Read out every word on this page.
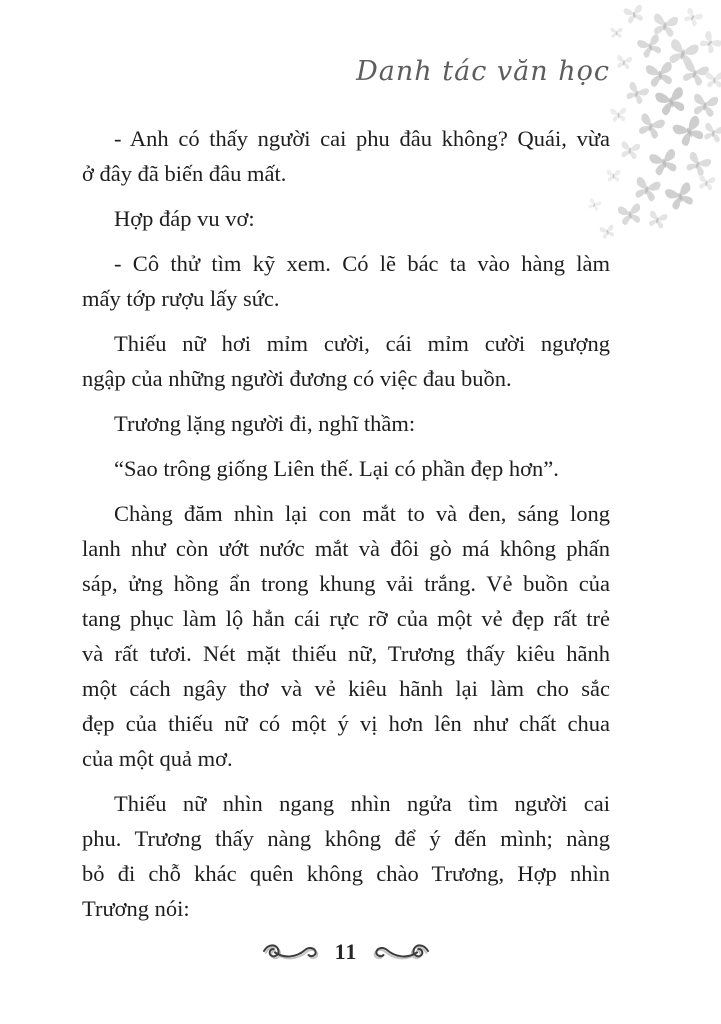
Danh tác văn học

- Anh có thấy người cai phu đâu không? Quái, vừa
ở đây đã biến đâu mất.

Hợp đáp vu vơ:

- Cô thử tìm kỹ xem. Có lẽ bác ta vào hàng làm
mấy tớp rượu lấy sức.

Thiếu nữ hơi mỉm cười, cái mỉm cười ngượng
ngập của những người đương có việc đau buồn.

Trương lặng người đi, nghĩ thầm:

“Sao trông giống Liên thế. Lại có phần đẹp hơn”.

Chàng đăm nhìn lại con mắt to và đen, sáng long
lanh như còn ướt nước mắt và đôi gò má không phấn
sáp, ửng hồng ẩn trong khung vải trắng. Vẻ buồn của
tang phục làm lộ hẳn cái rực rỡ của một vẻ đẹp rất trẻ
và rất tươi. Nét mặt thiếu nữ, Trương thấy kiêu hãnh
một cách ngây thơ và vẻ kiêu hãnh lại làm cho sắc
đẹp của thiếu nữ có một ý vị hơn lên như chất chua
của một quả mơ.

Thiếu nữ nhìn ngang nhìn ngửa tìm người cai
phu. Trương thấy nàng không để ý đến mình; nàng
bỏ đi chỗ khác quên không chào Trương, Hợp nhìn
Trương nói:

11
